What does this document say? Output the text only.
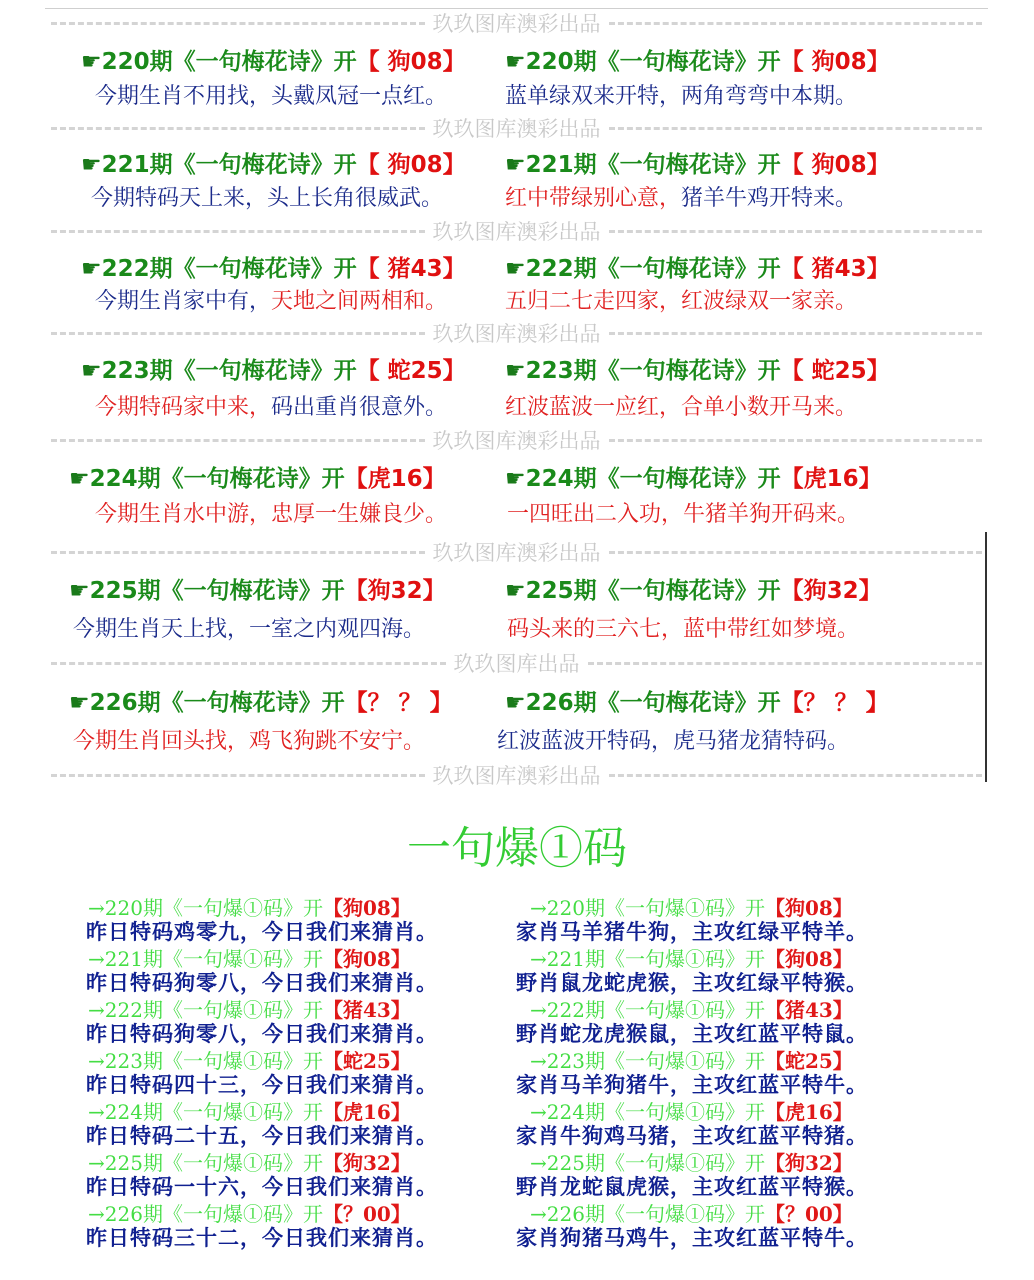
玖玖图库澳彩出品
玖玖图库澳彩出品
玖玖图库澳彩出品
玖玖图库澳彩出品
玖玖图库澳彩出品
玖玖图库澳彩出品
玖玖图库出品
玖玖图库澳彩出品
☛220期《一句梅花诗》开【 狗08】 ☛220期《一句梅花诗》开【 狗08】
今期生肖不用找，头戴凤冠一点红。	蓝单绿双来开特，两角弯弯中本期。
☛221期《一句梅花诗》开【 狗08】 ☛221期《一句梅花诗》开【 狗08】
今期特码天上来，头上长角很威武。	红中带绿别心意，猪羊牛鸡开特来。
☛222期《一句梅花诗》开【 猪43】 ☛222期《一句梅花诗》开【 猪43】
今期生肖家中有，天地之间两相和。	五归二七走四家，红波绿双一家亲。
☛223期《一句梅花诗》开【 蛇25】 ☛223期《一句梅花诗》开【 蛇25】
今期特码家中来，码出重肖很意外。	红波蓝波一应红，合单小数开马来。
☛224期《一句梅花诗》开【虎16】	☛224期《一句梅花诗》开【虎16】
今期生肖水中游，忠厚一生嫌良少。	一四旺出二入功，牛猪羊狗开码来。
☛225期《一句梅花诗》开【狗32】	☛225期《一句梅花诗》开【狗32】
今期生肖天上找，一室之内观四海。	码头来的三六七，蓝中带红如梦境。
☛226期《一句梅花诗》开【？ ？ 】 ☛226期《一句梅花诗》开【？ ？ 】
今期生肖回头找，鸡飞狗跳不安宁。	红波蓝波开特码，虎马猪龙猜特码。
一句爆①码
→220期《一句爆①码》开【狗08】	→220期《一句爆①码》开【狗08】
昨日特码鸡零九，今日我们来猜肖。	家肖马羊猪牛狗，主攻红绿平特羊。
→221期《一句爆①码》开【狗08】	→221期《一句爆①码》开【狗08】
昨日特码狗零八，今日我们来猜肖。	野肖鼠龙蛇虎猴，主攻红绿平特猴。
→222期《一句爆①码》开【猪43】	→222期《一句爆①码》开【猪43】
昨日特码狗零八，今日我们来猜肖。	野肖蛇龙虎猴鼠，主攻红蓝平特鼠。
→223期《一句爆①码》开【蛇25】	→223期《一句爆①码》开【蛇25】
昨日特码四十三，今日我们来猜肖。	家肖马羊狗猪牛，主攻红蓝平特牛。
→224期《一句爆①码》开【虎16】	→224期《一句爆①码》开【虎16】
昨日特码二十五，今日我们来猜肖。	家肖牛狗鸡马猪，主攻红蓝平特猪。
→225期《一句爆①码》开【狗32】	→225期《一句爆①码》开【狗32】
昨日特码一十六，今日我们来猜肖。	野肖龙蛇鼠虎猴，主攻红蓝平特猴。
→226期《一句爆①码》开【？00】	→226期《一句爆①码》开【？00】
昨日特码三十二，今日我们来猜肖。	家肖狗猪马鸡牛，主攻红蓝平特牛。
